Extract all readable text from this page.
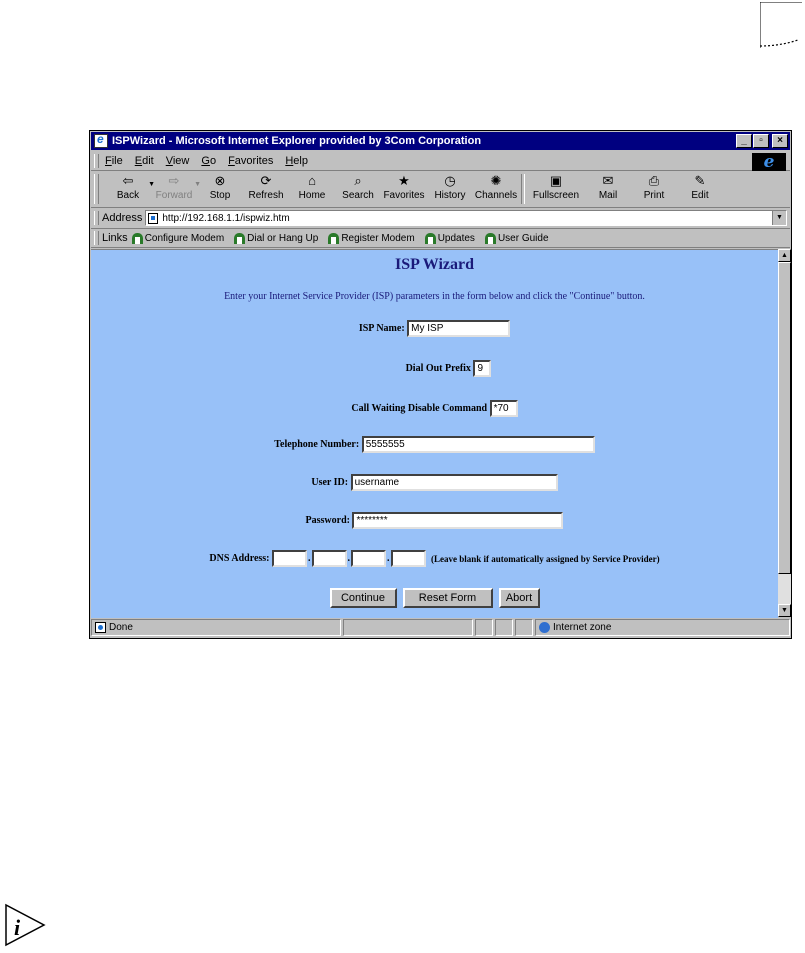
e
ISPWizard - Microsoft Internet Explorer provided by 3Com Corporation	_	▫	×
File Edit View Go Favorites Help	e
⇦
Back
▼	⇨
Forward
▼	⊗
Stop
⟳
Refresh
⌂
Home
⌕
Search
★
Favorites
◷
History
✺
Channels
▣
Fullscreen
✉
Mail
⎙
Print
✎
Edit
Address http://192.168.1.1/ispwiz.htm	▼
Links Configure Modem Dial or Hang Up Register Modem Updates User Guide
ISP Wizard
Enter your Internet Service Provider (ISP) parameters in the form below and click the "Continue" button.
ISP Name: My ISP
Dial Out Prefix 9
Call Waiting Disable Command *70
Telephone Number: 5555555
User ID: username
Password: ********
DNS Address:	.	.	.	(Leave blank if automatically assigned by Service Provider)
Continue	Reset Form	Abort
▲
▼
Done	Internet zone
i
